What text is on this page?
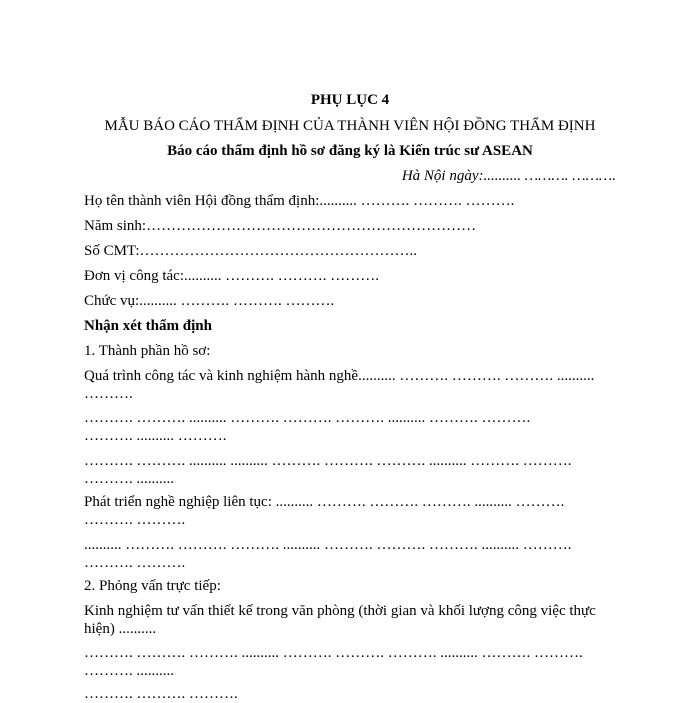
PHỤ LỤC 4
MẪU BÁO CÁO THẨM ĐỊNH CỦA THÀNH VIÊN HỘI ĐỒNG THẨM ĐỊNH
Báo cáo thẩm định hồ sơ đăng ký là Kiến trúc sư ASEAN
Hà Nội ngày:.......... ………. ……….
Họ tên thành viên Hội đồng thẩm định:.......... ………. ………. ……….
Năm sinh:…………………………………………………………
Số CMT:………………………………………………..
Đơn vị công tác:.......... ………. ………. ……….
Chức vụ:.......... ………. ………. ……….
Nhận xét thẩm định
1. Thành phần hồ sơ:
Quá trình công tác và kinh nghiệm hành nghề.......... ………. ………. ………. ..........
……….
………. ………. .......... ………. ………. ………. .......... ………. ……….
………. .......... ……….
………. ………. .......... .......... ………. ………. ………. .......... ………. ……….
………. ..........
Phát triển nghề nghiệp liên tục: .......... ………. ………. ………. .......... ……….
………. ……….
.......... ………. ………. ………. .......... ………. ………. ………. .......... ……….
………. ……….
2. Phỏng vấn trực tiếp:
Kinh nghiệm tư vấn thiết kế trong văn phòng (thời gian và khối lượng công việc thực
hiện) ..........
………. ………. ………. .......... ………. ………. ………. .......... ………. ……….
………. ..........
………. ………. ……….
